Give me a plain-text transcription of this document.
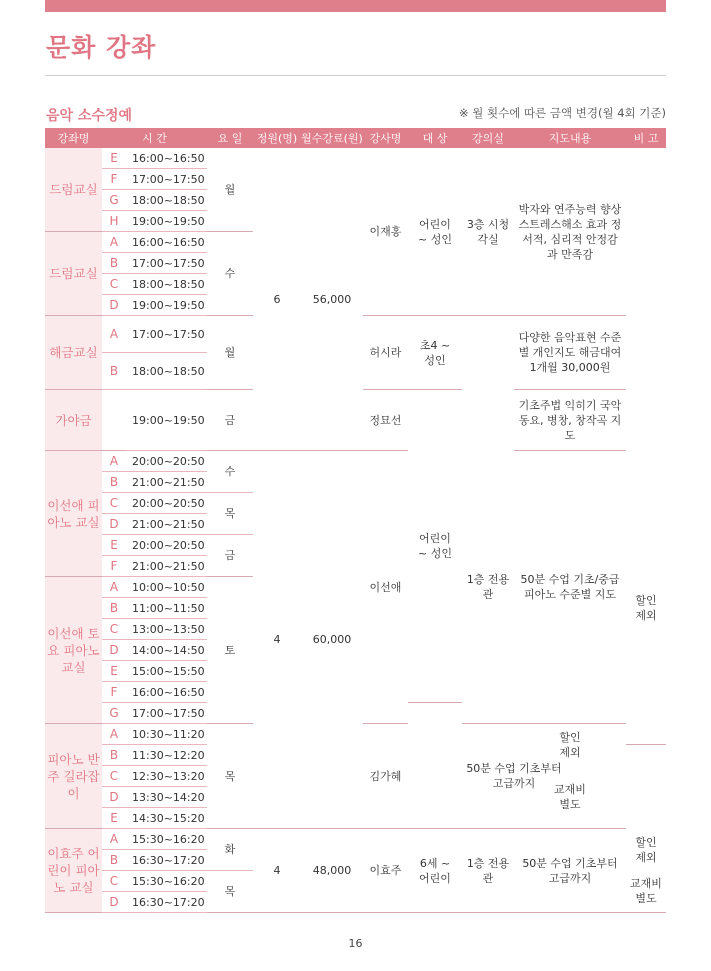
문화 강좌
음악 소수정예	※ 월 횟수에 따른 금액 변경(월 4회 기준)
강좌명	시 간		요 일	정원(명)	월수강료(원)	강사명	대 상	강의실	지도내용	비 고
드럼교실	E	16:00~16:50	월	6	56,000	이재홍	어린이 ~ 성인	3층 시청각실	박자와 연주능력 향상 스트레스해소 효과 정서적, 심리적 안정감과 만족감	

	F	17:00~17:50								
	G	18:00~18:50								
	H	19:00~19:50								
드럼교실	A	16:00~16:50	수							
	B	17:00~17:50								
	C	18:00~18:50								
	D	19:00~19:50								
해금교실	A	17:00~17:50	월			허시라	초4 ~ 성인		다양한 음악표현 수준별 개인지도 해금대여 1개월 30,000원	

	B	18:00~18:50								
가야금		19:00~19:50	금			정묘선	어린이 ~ 성인		기초주법 익히기 국악동요, 병창, 창작곡 지도	

이선애 피아노 교실	A	20:00~20:50	수	4	60,000	이선애		1층 전용관	50분 수업 기초/중급피아노 수준별 지도	

	B	21:00~21:50								할인 제외

	C	20:00~20:50	목							
	D	21:00~21:50								
	E	20:00~20:50	금							
	F	21:00~21:50								
이선애 토요 피아노 교실	A	10:00~10:50	토							
	B	11:00~11:50								
	C	13:00~13:50								
	D	14:00~14:50								
	E	15:00~15:50								
	F	16:00~16:50								
	G	17:00~17:50								
피아노 반주 길라잡이	A	10:30~11:20	목			김가혜		50분 수업 기초부터 고급까지	할인 제외	

	B	11:30~12:20								
	C	12:30~13:20							교재비 별도	

	D	13:30~14:20								
	E	14:30~15:20								
이효주 어린이 피아노 교실	A	15:30~16:20	화	4	48,000	이효주	6세 ~ 어린이	1층 전용관	50분 수업 기초부터 고급까지	할인 제외

	B	16:30~17:20								
	C	15:30~16:20	목							교재비 별도

	D	16:30~17:20								
16
